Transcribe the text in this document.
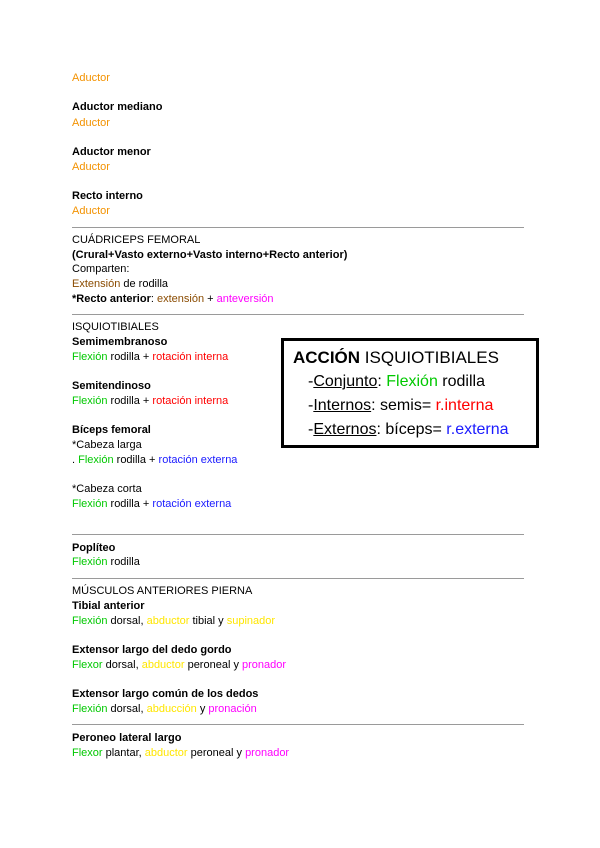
Aductor
Aductor mediano
Aductor
Aductor menor
Aductor
Recto interno
Aductor
CUÁDRICEPS FEMORAL
(Crural+Vasto externo+Vasto interno+Recto anterior)
Comparten:
Extensión de rodilla
*Recto anterior: extensión + anteversión
ISQUIOTIBIALES
Semimembranoso
Flexión rodilla + rotación interna
Semitendinoso
Flexión rodilla + rotación interna
Bíceps femoral
*Cabeza larga
. Flexión rodilla + rotación externa
*Cabeza corta
Flexión rodilla + rotación externa
ACCIÓN ISQUIOTIBIALES
-Conjunto: Flexión rodilla
-Internos: semis= r.interna
-Externos: bíceps= r.externa
Poplíteo
Flexión rodilla
MÚSCULOS ANTERIORES PIERNA
Tibial anterior
Flexión dorsal, abductor tibial y supinador
Extensor largo del dedo gordo
Flexor dorsal, abductor peroneal y pronador
Extensor largo común de los dedos
Flexión dorsal, abducción y pronación
Peroneo lateral largo
Flexor plantar, abductor peroneal y pronador
